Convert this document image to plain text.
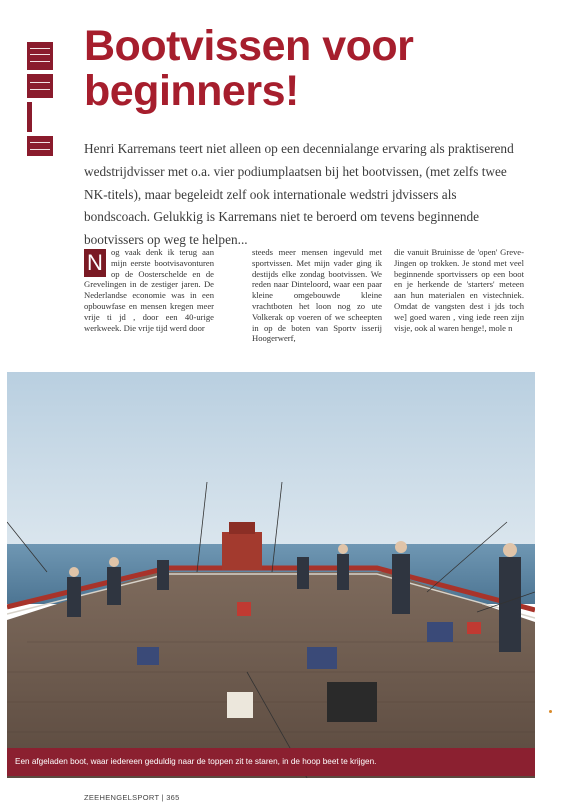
Bootvissen voor beginners!

Henri Karremans teert niet alleen op een decennialange ervaring als praktiserend wedstrijdvisser met o.a. vier podiumplaatsen bij het bootvissen, (met zelfs twee NK-titels), maar begeleidt zelf ook internationale wedstri jdvissers als bondscoach. Gelukkig is Karremans niet te beroerd om tevens beginnende bootvissers op weg te helpen...

N og vaak denk ik terug aan mijn eerste bootvisavonturen op de Oosterschelde en de Grevelingen in de zestiger jaren. De Nederlandse economie was in een opbouwfase en mensen kregen meer vrije ti jd , door een 40-urige werkweek. Die vrije tijd werd door

steeds meer mensen ingevuld met sportvissen. Met mijn vader ging ik destijds elke zondag bootvissen. We reden naar Dinteloord, waar een paar kleine omgebouwde kleine vrachtboten het loon nog zo ute Volkerak op voeren of we scheepten in op de boten van Sportv isserij Hoogerwerf,

die vanuit Bruinisse de 'open' Greve-Jingen op trokken. Je stond met veel beginnende sportvissers op een boot en je herkende de 'starters' meteen aan hun materialen en vistechniek. Omdat de vangsten dest i jds toch we] goed waren , ving iede reen zijn visje, ook al waren henge!, mole n

Een afgeladen boot, waar iedereen geduldig naar de toppen zit te staren, in de hoop beet te krijgen.
ZEEHENGELSPORT | 365
